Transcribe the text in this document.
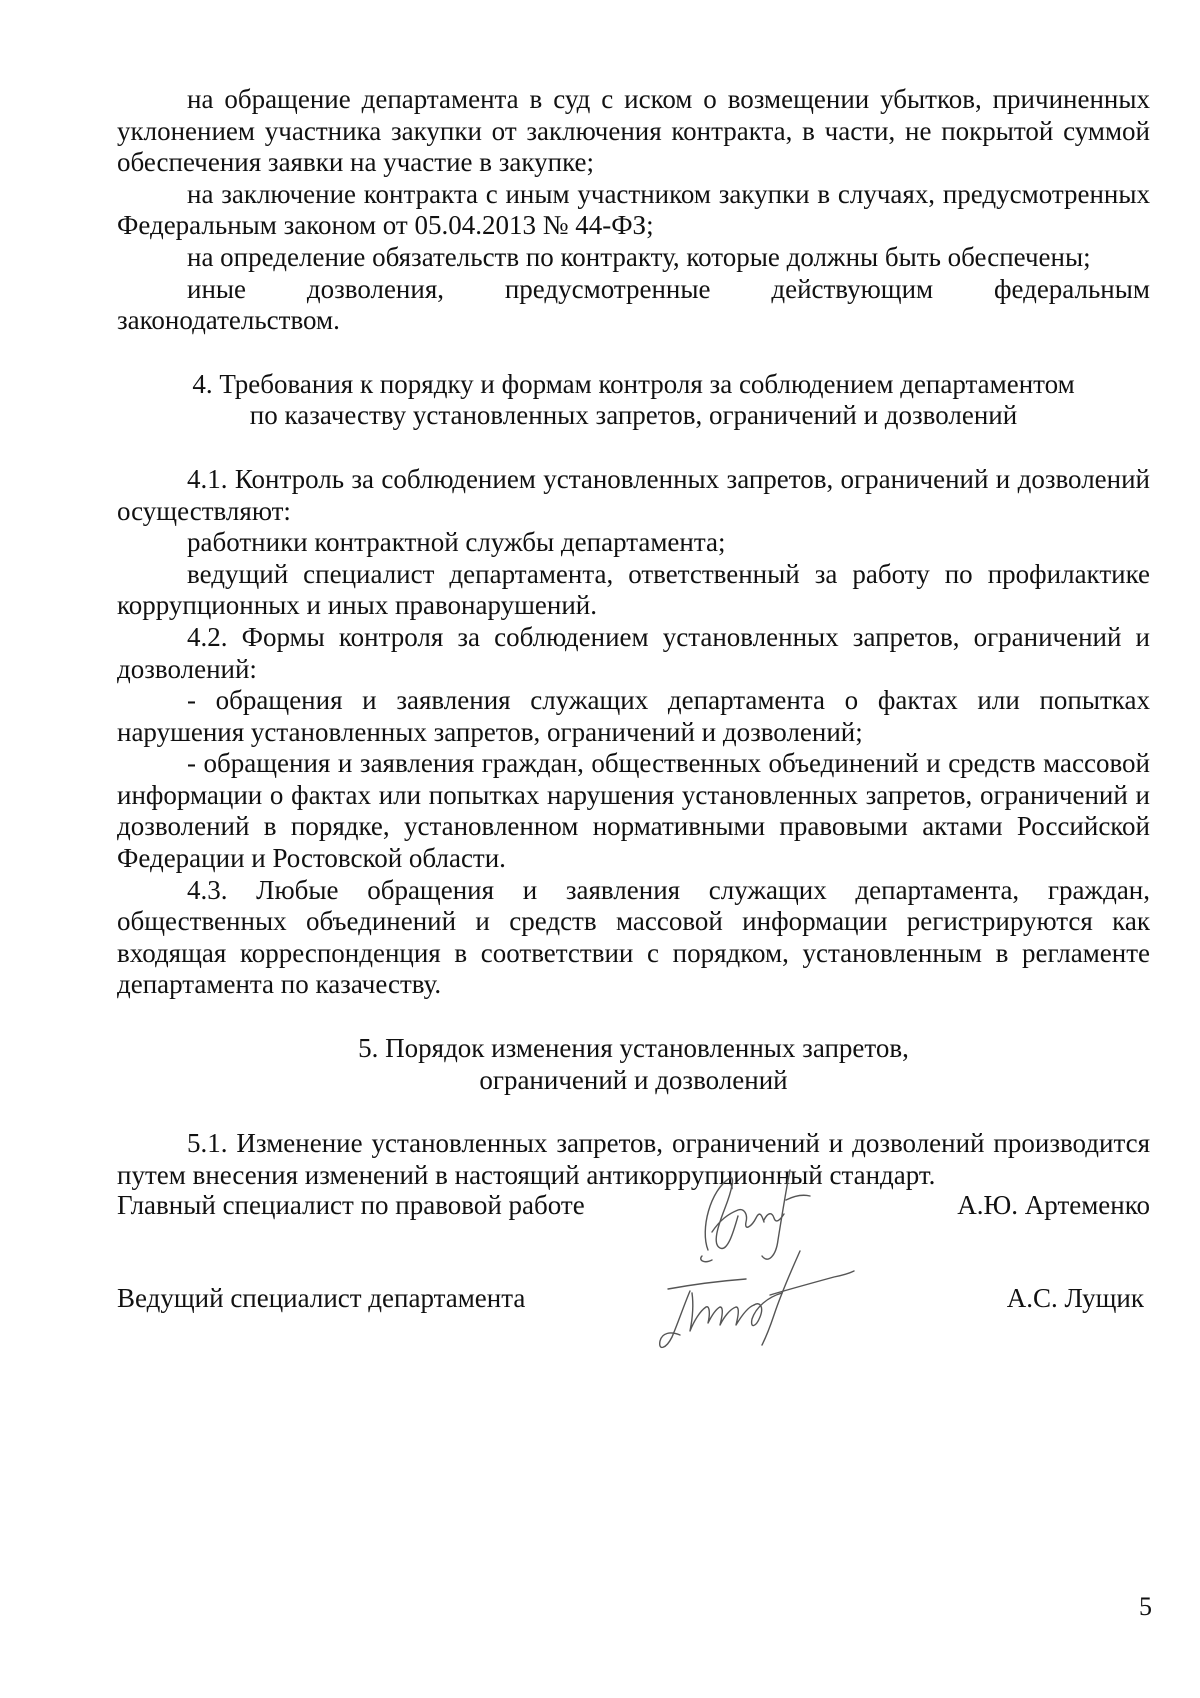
на обращение департамента в суд с иском о возмещении убытков, причиненных уклонением участника закупки от заключения контракта, в части, не покрытой суммой обеспечения заявки на участие в закупке;

на заключение контракта с иным участником закупки в случаях, предусмотренных Федеральным законом от 05.04.2013 № 44-ФЗ;

на определение обязательств по контракту, которые должны быть обеспечены;

иные дозволения, предусмотренные действующим федеральным законодательством.

4. Требования к порядку и формам контроля за соблюдением департаментом

по казачеству установленных запретов, ограничений и дозволений

4.1. Контроль за соблюдением установленных запретов, ограничений и дозволений осуществляют:

работники контрактной службы департамента;

ведущий специалист департамента, ответственный за работу по профилактике коррупционных и иных правонарушений.

4.2. Формы контроля за соблюдением установленных запретов, ограничений и дозволений:

- обращения и заявления служащих департамента о фактах или попытках нарушения установленных запретов, ограничений и дозволений;

- обращения и заявления граждан, общественных объединений и средств массовой информации о фактах или попытках нарушения установленных запретов, ограничений и дозволений в порядке, установленном нормативными правовыми актами Российской Федерации и Ростовской области.

4.3. Любые обращения и заявления служащих департамента, граждан, общественных объединений и средств массовой информации регистрируются как входящая корреспонденция в соответствии с порядком, установленным в регламенте департамента по казачеству.

5. Порядок изменения установленных запретов,

ограничений и дозволений

5.1. Изменение установленных запретов, ограничений и дозволений производится путем внесения изменений в настоящий антикоррупционный стандарт.

Главный специалист по правовой работе	А.Ю. Артеменко
Ведущий специалист департамента	А.С. Лущик
5
